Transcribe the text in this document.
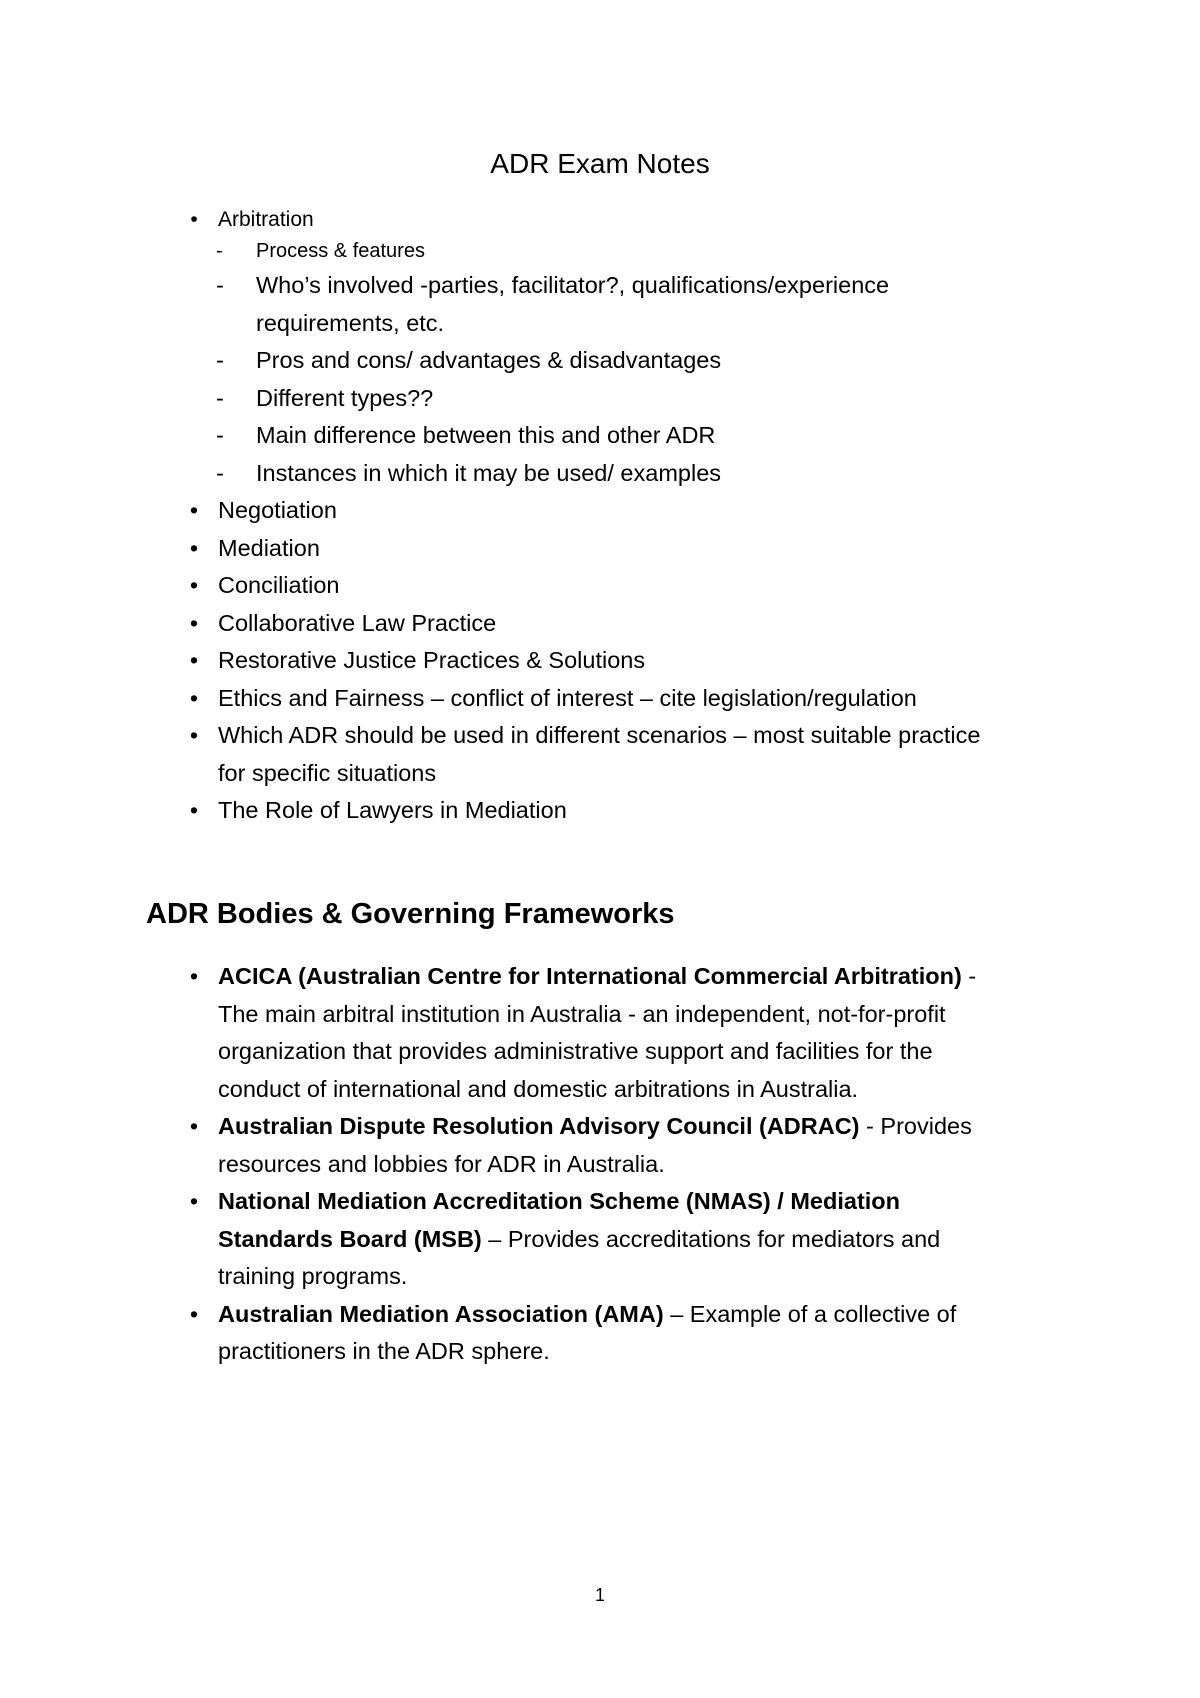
ADR Exam Notes
• Arbitration
- Process & features
- Who’s involved -parties, facilitator?, qualifications/experience
requirements, etc.
- Pros and cons/ advantages & disadvantages
- Different types??
- Main difference between this and other ADR
- Instances in which it may be used/ examples
• Negotiation
• Mediation
• Conciliation
• Collaborative Law Practice
• Restorative Justice Practices & Solutions
• Ethics and Fairness – conflict of interest – cite legislation/regulation
• Which ADR should be used in different scenarios – most suitable practice
for specific situations
• The Role of Lawyers in Mediation
ADR Bodies & Governing Frameworks
• ACICA (Australian Centre for International Commercial Arbitration) -
The main arbitral institution in Australia - an independent, not-for-profit
organization that provides administrative support and facilities for the
conduct of international and domestic arbitrations in Australia.
• Australian Dispute Resolution Advisory Council (ADRAC) - Provides
resources and lobbies for ADR in Australia.
• National Mediation Accreditation Scheme (NMAS) / Mediation
Standards Board (MSB) – Provides accreditations for mediators and
training programs.
• Australian Mediation Association (AMA) – Example of a collective of
practitioners in the ADR sphere.
1
